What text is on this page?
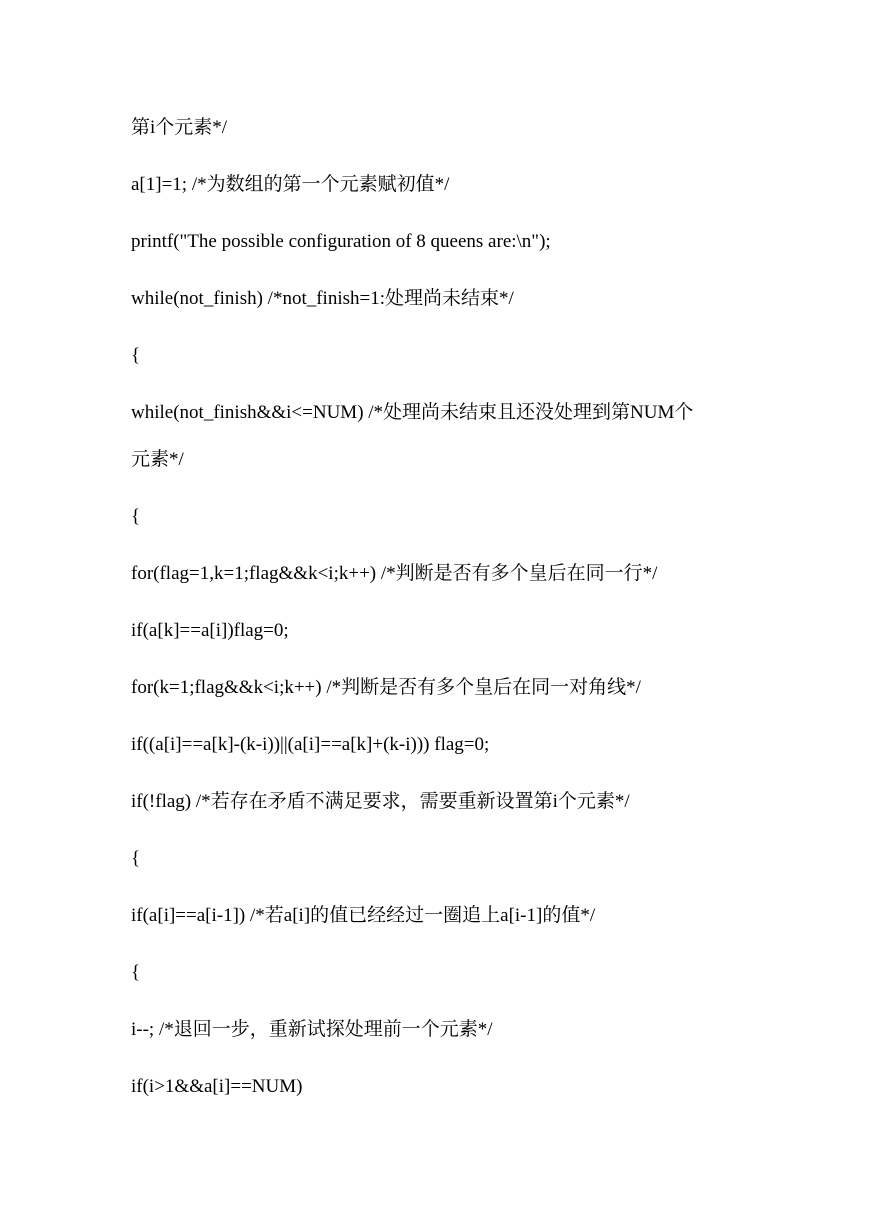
第i个元素*/

a[1]=1; /*为数组的第一个元素赋初值*/

printf("The possible configuration of 8 queens are:\n");

while(not_finish) /*not_finish=1:处理尚未结束*/

{

while(not_finish&&i<=NUM) /*处理尚未结束且还没处理到第NUM个

元素*/

{

for(flag=1,k=1;flag&&k<i;k++) /*判断是否有多个皇后在同一行*/

if(a[k]==a[i])flag=0;

for(k=1;flag&&k<i;k++) /*判断是否有多个皇后在同一对角线*/

if((a[i]==a[k]-(k-i))||(a[i]==a[k]+(k-i))) flag=0;

if(!flag) /*若存在矛盾不满足要求，需要重新设置第i个元素*/

{

if(a[i]==a[i-1]) /*若a[i]的值已经经过一圈追上a[i-1]的值*/

{

i--; /*退回一步，重新试探处理前一个元素*/

if(i>1&&a[i]==NUM)
